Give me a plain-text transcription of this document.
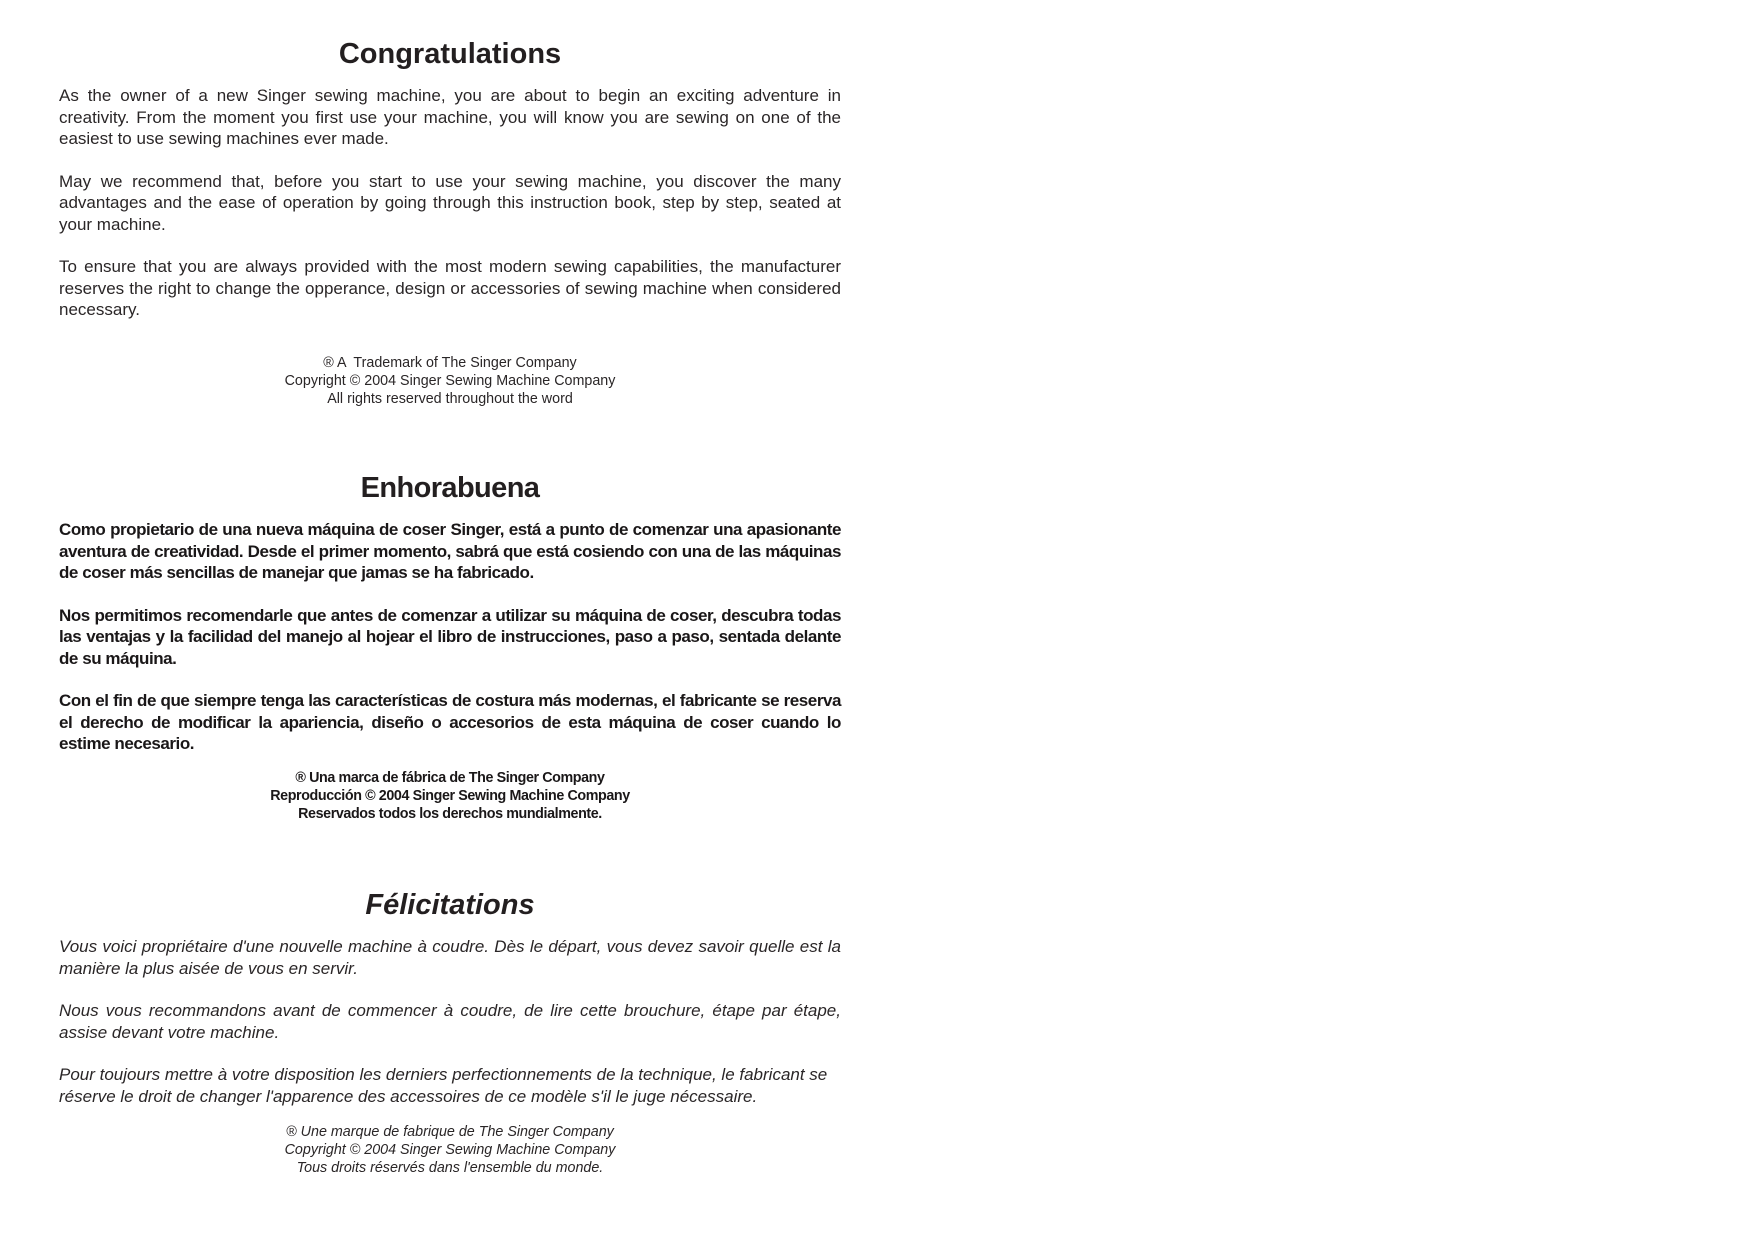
Congratulations

As the owner of a new Singer sewing machine, you are about to begin an exciting adventure in creativity. From the moment you first use your machine, you will know you are sewing on one of the easiest to use sewing machines ever made.

May we recommend that, before you start to use your sewing machine, you discover the many advantages and the ease of operation by going through this instruction book, step by step, seated at your machine.

To ensure that you are always provided with the most modern sewing capabilities, the manufacturer reserves the right to change the opperance, design or accessories of sewing machine when considered necessary.

® A  Trademark of The Singer Company
Copyright © 2004 Singer Sewing Machine Company
All rights reserved throughout the word
Enhorabuena

Como propietario de una nueva máquina de coser Singer, está a punto de comenzar una apasionante aventura de creatividad. Desde el primer momento, sabrá que está cosiendo con una de las máquinas de coser más sencillas de manejar que jamas se ha fabricado.

Nos permitimos recomendarle que antes de comenzar a utilizar su máquina de coser, descubra todas las ventajas y la facilidad del manejo al hojear el libro de instrucciones, paso a paso, sentada delante de su máquina.

Con el fin de que siempre tenga las características de costura más modernas, el fabricante se reserva el derecho de modificar la apariencia, diseño o accesorios de esta máquina de coser cuando lo estime necesario.

® Una marca de fábrica de The Singer Company
Reproducción © 2004 Singer Sewing Machine Company
Reservados todos los derechos mundialmente.
Félicitations

Vous voici propriétaire d'une nouvelle machine à coudre. Dès le départ, vous devez savoir quelle est la manière la plus aisée de vous en servir.

Nous vous recommandons avant de commencer à coudre, de lire cette brouchure, étape par étape, assise devant votre machine.

Pour toujours mettre à votre disposition les derniers perfectionnements de la technique, le fabricant se réserve le droit de changer l'apparence des accessoires de ce modèle s'il le juge nécessaire.

® Une marque de fabrique de The Singer Company
Copyright © 2004 Singer Sewing Machine Company
Tous droits réservés dans l'ensemble du monde.
